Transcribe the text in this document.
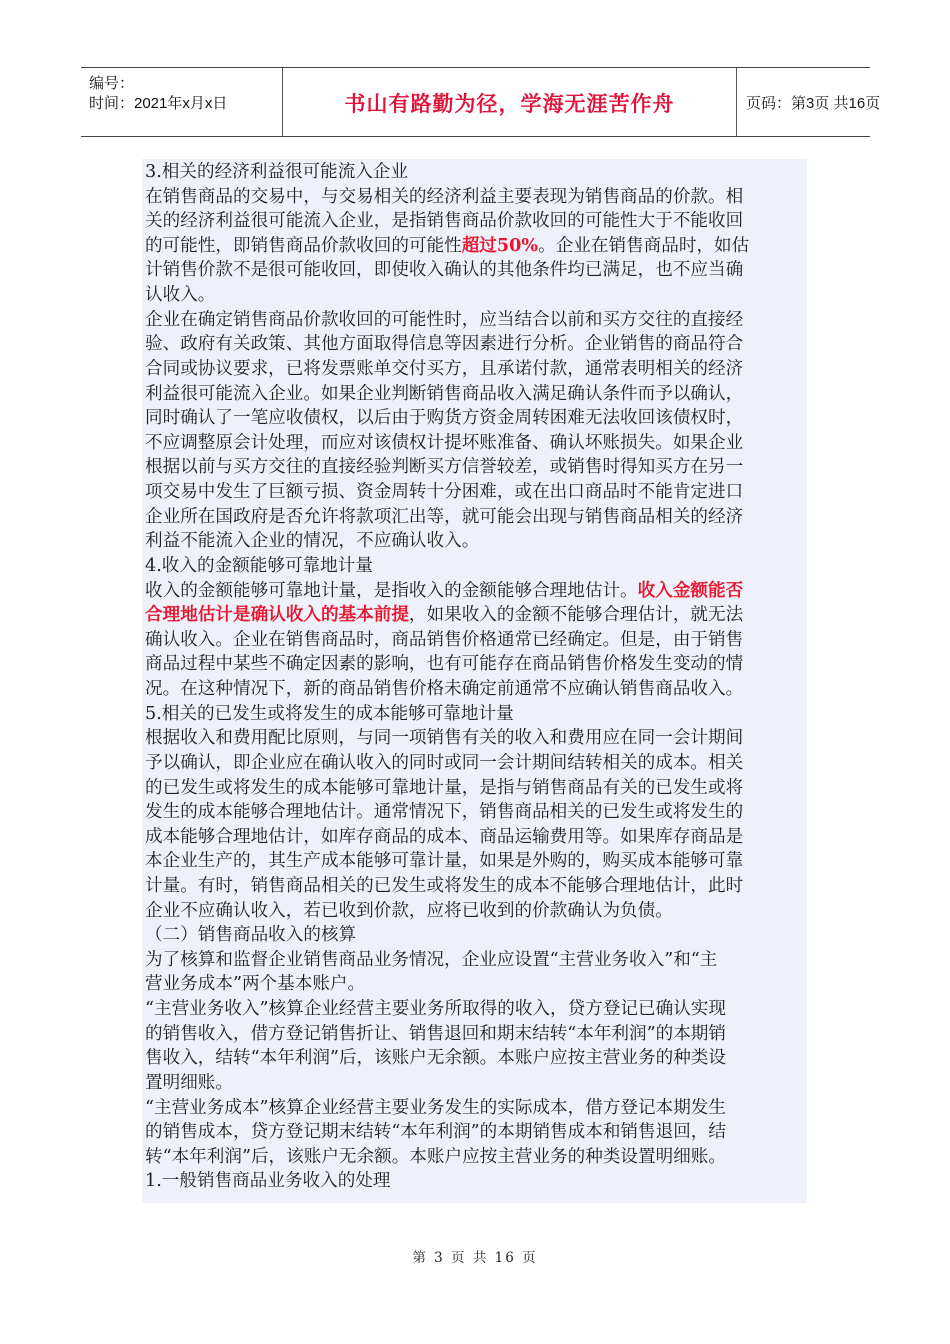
编号：
时间：2021年x月x日	书山有路勤为径，学海无涯苦作舟	页码：第3页 共16页
3.相关的经济利益很可能流入企业
在销售商品的交易中，与交易相关的经济利益主要表现为销售商品的价款。相
关的经济利益很可能流入企业，是指销售商品价款收回的可能性大于不能收回
的可能性，即销售商品价款收回的可能性超过50%。企业在销售商品时，如估
计销售价款不是很可能收回，即使收入确认的其他条件均已满足，也不应当确
认收入。
企业在确定销售商品价款收回的可能性时，应当结合以前和买方交往的直接经
验、政府有关政策、其他方面取得信息等因素进行分析。企业销售的商品符合
合同或协议要求，已将发票账单交付买方，且承诺付款，通常表明相关的经济
利益很可能流入企业。如果企业判断销售商品收入满足确认条件而予以确认，
同时确认了一笔应收债权，以后由于购货方资金周转困难无法收回该债权时，
不应调整原会计处理，而应对该债权计提坏账准备、确认坏账损失。如果企业
根据以前与买方交往的直接经验判断买方信誉较差，或销售时得知买方在另一
项交易中发生了巨额亏损、资金周转十分困难，或在出口商品时不能肯定进口
企业所在国政府是否允许将款项汇出等，就可能会出现与销售商品相关的经济
利益不能流入企业的情况，不应确认收入。
4.收入的金额能够可靠地计量
收入的金额能够可靠地计量，是指收入的金额能够合理地估计。收入金额能否
合理地估计是确认收入的基本前提，如果收入的金额不能够合理估计，就无法
确认收入。企业在销售商品时，商品销售价格通常已经确定。但是，由于销售
商品过程中某些不确定因素的影响，也有可能存在商品销售价格发生变动的情
况。在这种情况下，新的商品销售价格未确定前通常不应确认销售商品收入。
5.相关的已发生或将发生的成本能够可靠地计量
根据收入和费用配比原则，与同一项销售有关的收入和费用应在同一会计期间
予以确认，即企业应在确认收入的同时或同一会计期间结转相关的成本。相关
的已发生或将发生的成本能够可靠地计量，是指与销售商品有关的已发生或将
发生的成本能够合理地估计。通常情况下，销售商品相关的已发生或将发生的
成本能够合理地估计，如库存商品的成本、商品运输费用等。如果库存商品是
本企业生产的，其生产成本能够可靠计量，如果是外购的，购买成本能够可靠
计量。有时，销售商品相关的已发生或将发生的成本不能够合理地估计，此时
企业不应确认收入，若已收到价款，应将已收到的价款确认为负债。
（二）销售商品收入的核算
为了核算和监督企业销售商品业务情况，企业应设置“主营业务收入”和“主
营业务成本”两个基本账户。
“主营业务收入”核算企业经营主要业务所取得的收入，贷方登记已确认实现
的销售收入，借方登记销售折让、销售退回和期末结转“本年利润”的本期销
售收入，结转“本年利润”后，该账户无余额。本账户应按主营业务的种类设
置明细账。
“主营业务成本”核算企业经营主要业务发生的实际成本，借方登记本期发生
的销售成本，贷方登记期末结转“本年利润”的本期销售成本和销售退回，结
转“本年利润”后，该账户无余额。本账户应按主营业务的种类设置明细账。
1.一般销售商品业务收入的处理
第 3 页 共 16 页
